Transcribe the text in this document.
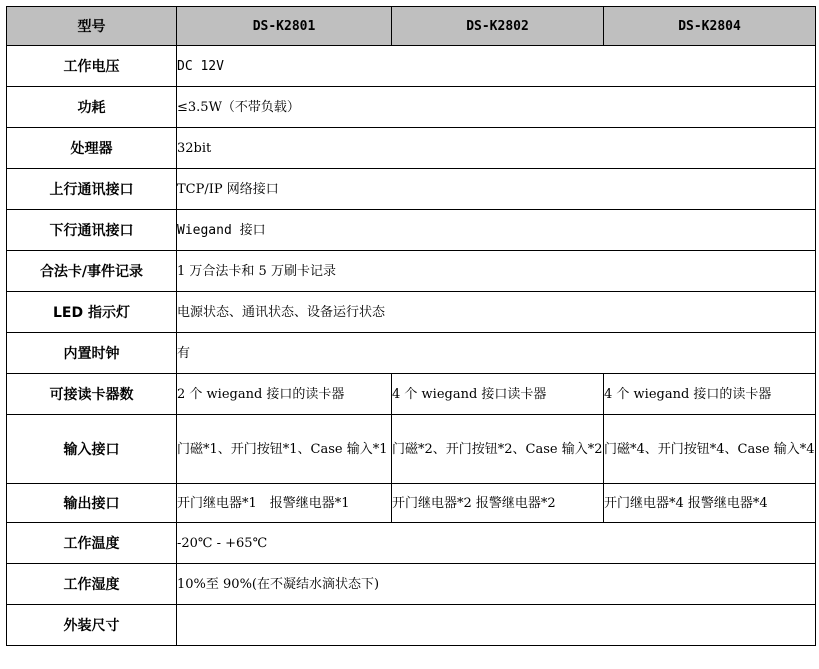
型号	DS-K2801	DS-K2802	DS-K2804
工作电压	DC 12V		
功耗	≤3.5W（不带负载）		
处理器	32bit		
上行通讯接口	TCP/IP 网络接口		
下行通讯接口	Wiegand 接口		
合法卡/事件记录	1 万合法卡和 5 万刷卡记录		
LED 指示灯	电源状态、通讯状态、设备运行状态		
内置时钟	有		
可接读卡器数	2 个 wiegand 接口的读卡器	4 个 wiegand 接口读卡器	4 个 wiegand 接口的读卡器
输入接口	门磁*1、开门按钮*1、Case 输入*1	门磁*2、开门按钮*2、Case 输入*2	门磁*4、开门按钮*4、Case 输入*4
输出接口	开门继电器*1　报警继电器*1	开门继电器*2 报警继电器*2	开门继电器*4 报警继电器*4
工作温度	-20℃ - +65℃		
工作湿度	10%至 90%(在不凝结水滴状态下)		
外装尺寸			
